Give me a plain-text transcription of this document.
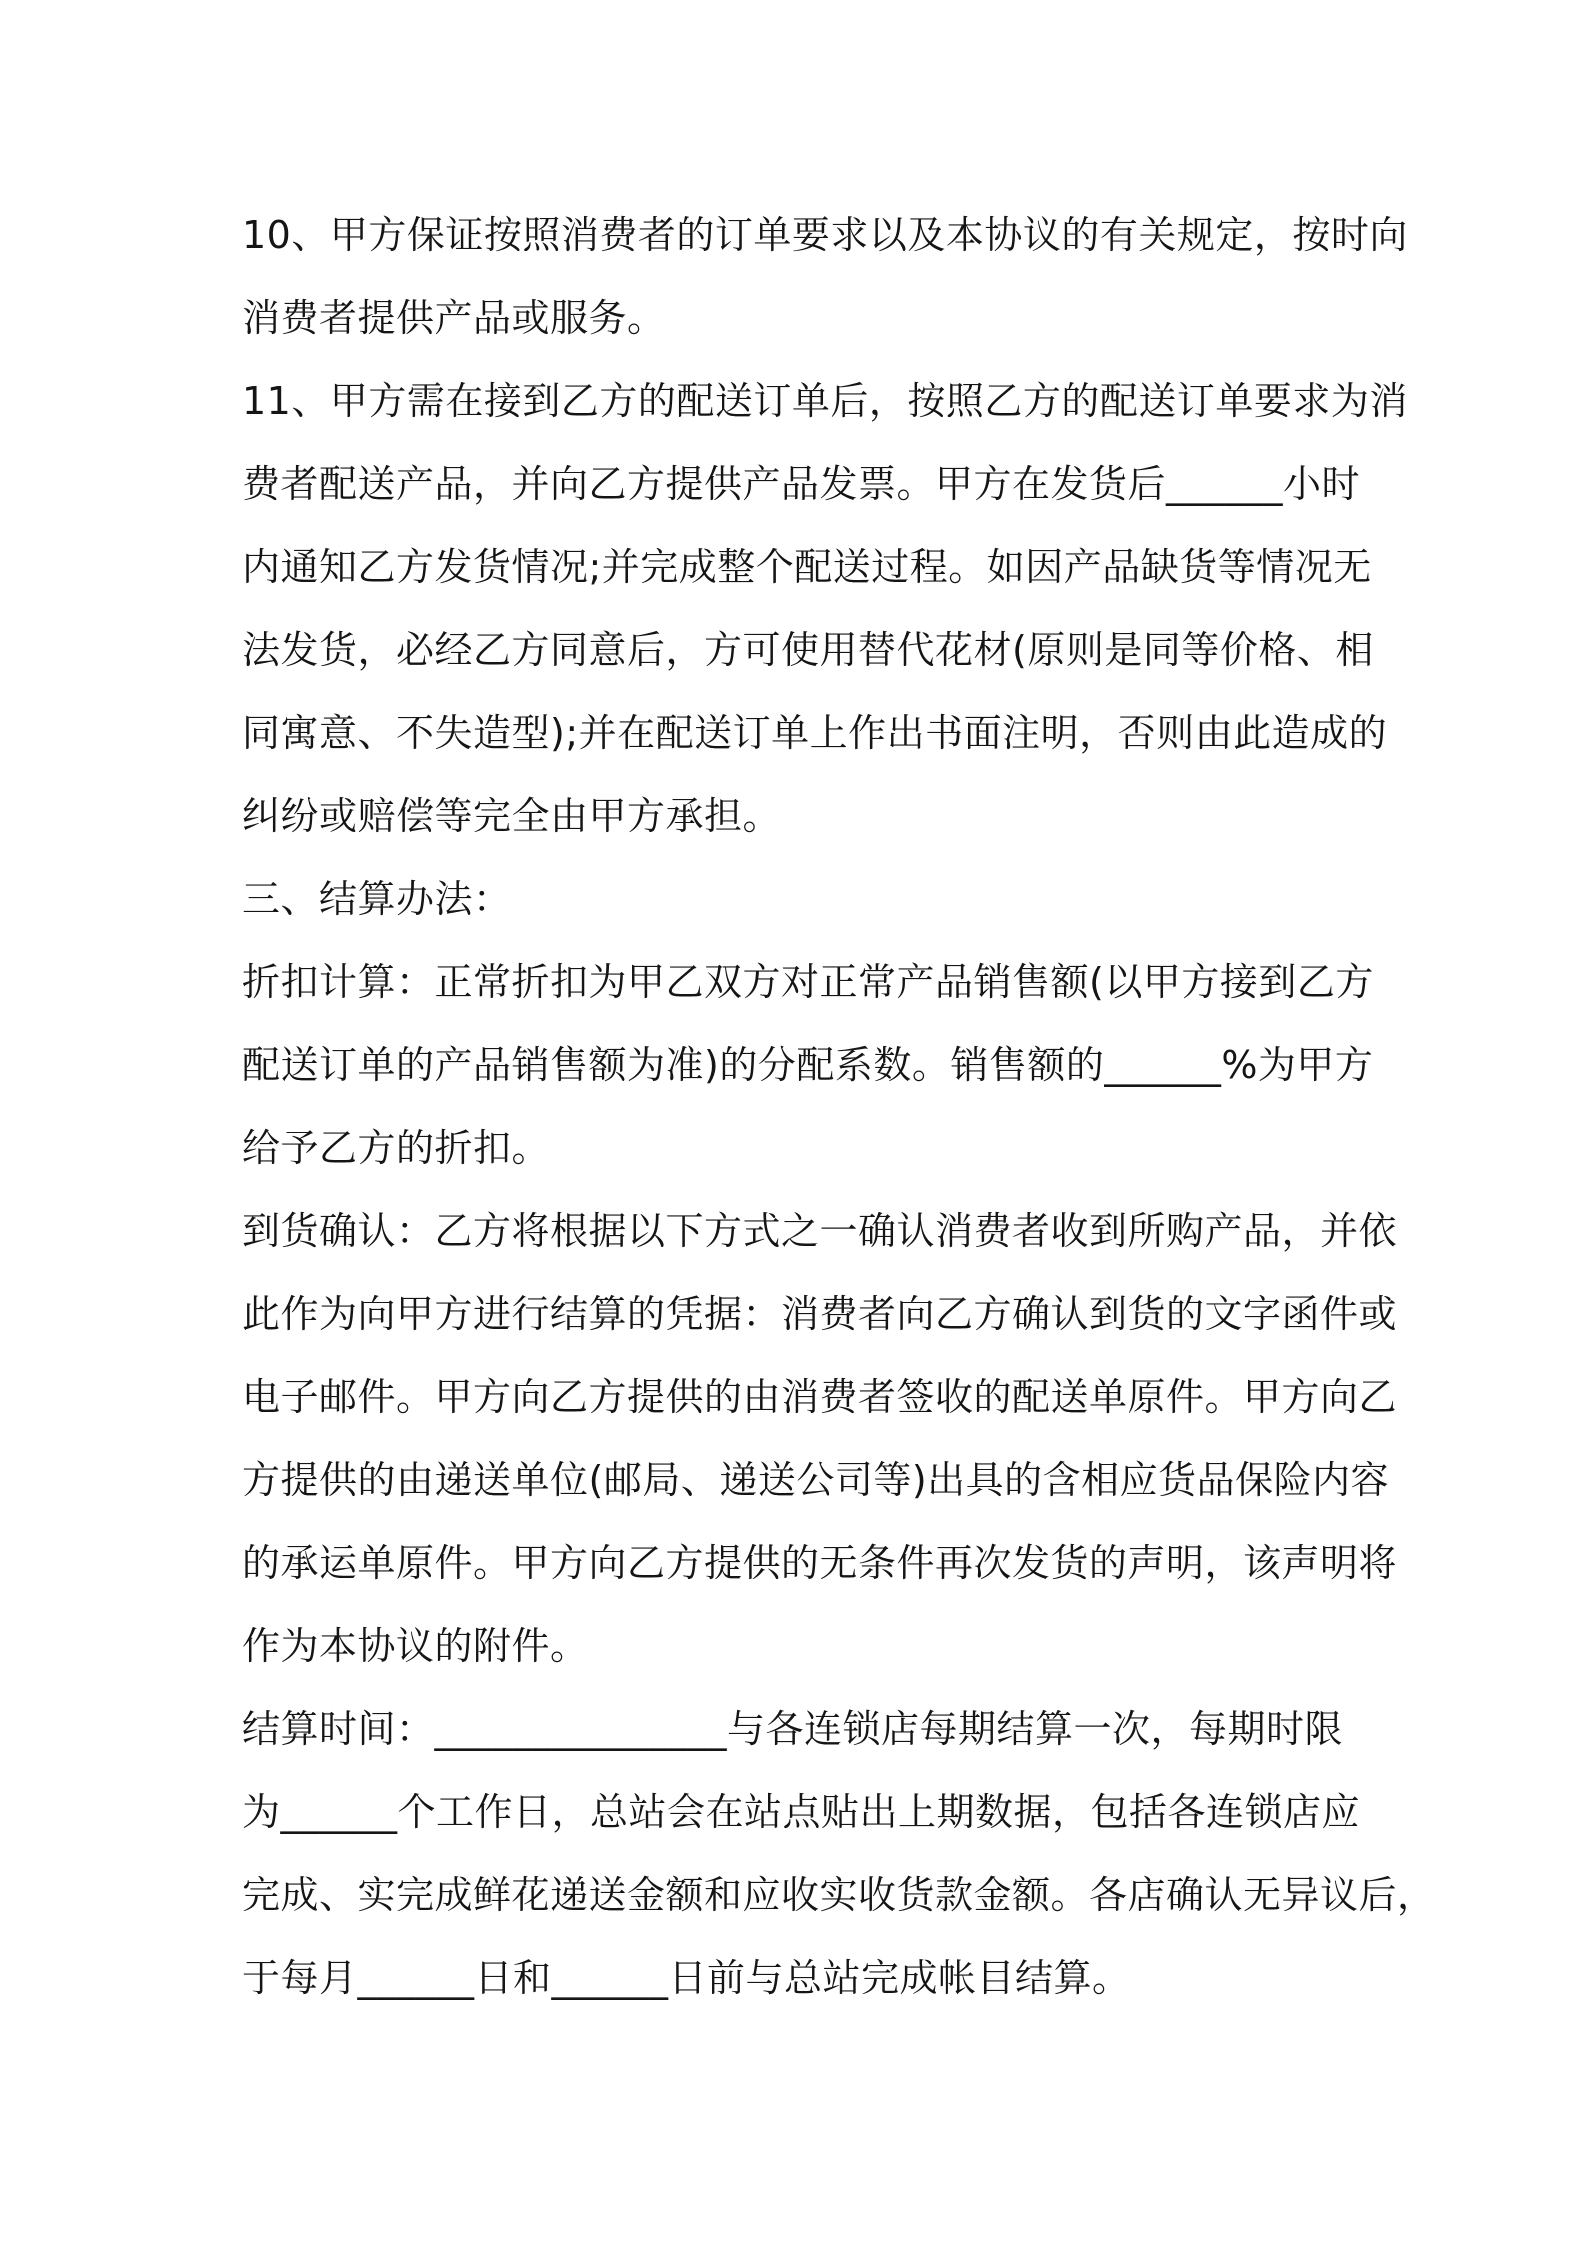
10、甲方保证按照消费者的订单要求以及本协议的有关规定，按时向
消费者提供产品或服务。
11、甲方需在接到乙方的配送订单后，按照乙方的配送订单要求为消
费者配送产品，并向乙方提供产品发票。甲方在发货后______小时
内通知乙方发货情况;并完成整个配送过程。如因产品缺货等情况无
法发货，必经乙方同意后，方可使用替代花材(原则是同等价格、相
同寓意、不失造型);并在配送订单上作出书面注明，否则由此造成的
纠纷或赔偿等完全由甲方承担。
三、结算办法：
折扣计算：正常折扣为甲乙双方对正常产品销售额(以甲方接到乙方
配送订单的产品销售额为准)的分配系数。销售额的______%为甲方
给予乙方的折扣。
到货确认：乙方将根据以下方式之一确认消费者收到所购产品，并依
此作为向甲方进行结算的凭据：消费者向乙方确认到货的文字函件或
电子邮件。甲方向乙方提供的由消费者签收的配送单原件。甲方向乙
方提供的由递送单位(邮局、递送公司等)出具的含相应货品保险内容
的承运单原件。甲方向乙方提供的无条件再次发货的声明，该声明将
作为本协议的附件。
结算时间：_______________与各连锁店每期结算一次，每期时限
为______个工作日，总站会在站点贴出上期数据，包括各连锁店应
完成、实完成鲜花递送金额和应收实收货款金额。各店确认无异议后，
于每月______日和______日前与总站完成帐目结算。
